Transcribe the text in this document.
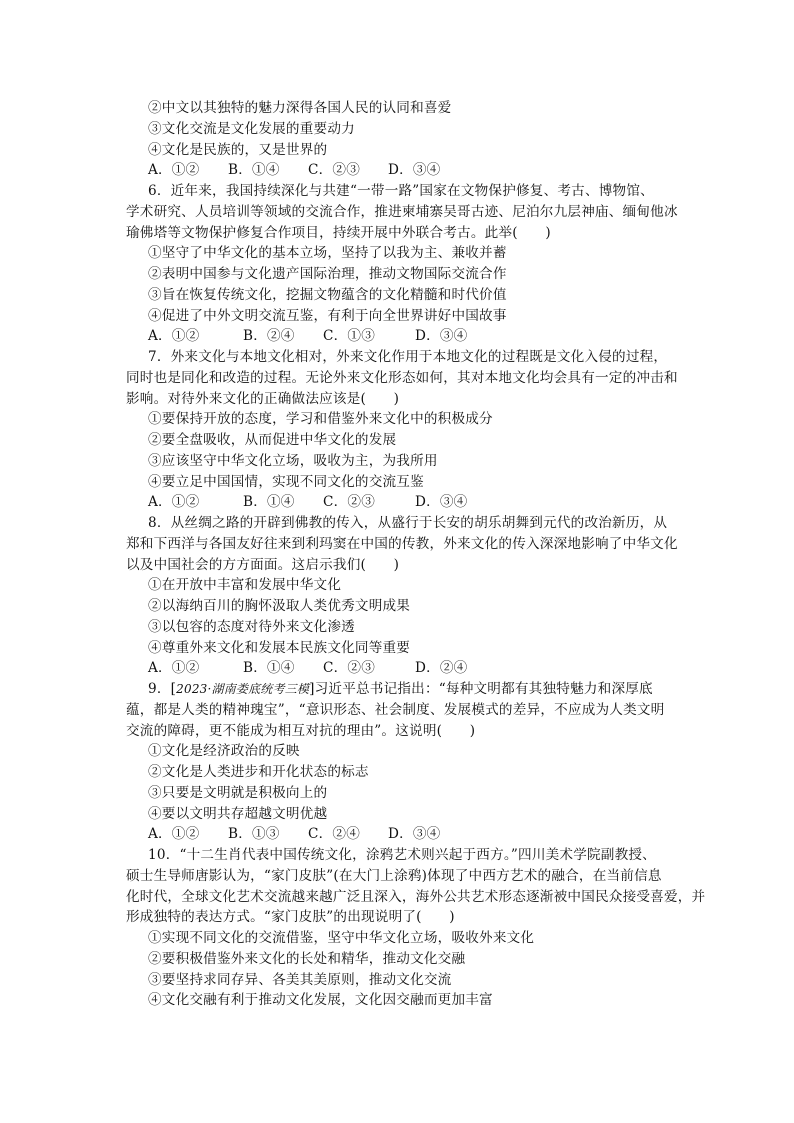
②中文以其独特的魅力深得各国人民的认同和喜爱
③文化交流是文化发展的重要动力
④文化是民族的，又是世界的
A．①② B．①④ C．②③ D．③④
6．近年来，我国持续深化与共建“一带一路”国家在文物保护修复、考古、博物馆、
学术研究、人员培训等领域的交流合作，推进柬埔寨吴哥古迹、尼泊尔九层神庙、缅甸他冰
瑜佛塔等文物保护修复合作项目，持续开展中外联合考古。此举(　　)
①坚守了中华文化的基本立场，坚持了以我为主、兼收并蓄
②表明中国参与文化遗产国际治理，推动文物国际交流合作
③旨在恢复传统文化，挖掘文物蕴含的文化精髓和时代价值
④促进了中外文明交流互鉴，有利于向全世界讲好中国故事
A．①②	B．②④ C．①③	D．③④
7．外来文化与本地文化相对，外来文化作用于本地文化的过程既是文化入侵的过程，
同时也是同化和改造的过程。无论外来文化形态如何，其对本地文化均会具有一定的冲击和
影响。对待外来文化的正确做法应该是(　　)
①要保持开放的态度，学习和借鉴外来文化中的积极成分
②要全盘吸收，从而促进中华文化的发展
③应该坚守中华文化立场，吸收为主，为我所用
④要立足中国国情，实现不同文化的交流互鉴
A．①②	B．①④ C．②③	D．③④
8．从丝绸之路的开辟到佛教的传入，从盛行于长安的胡乐胡舞到元代的改治新历，从
郑和下西洋与各国友好往来到利玛窦在中国的传教，外来文化的传入深深地影响了中华文化
以及中国社会的方方面面。这启示我们(　　)
①在开放中丰富和发展中华文化
②以海纳百川的胸怀汲取人类优秀文明成果
③以包容的态度对待外来文化渗透
④尊重外来文化和发展本民族文化同等重要
A．①②	B．①④ C．②③	D．②④
9．[2023·湖南娄底统考三模]习近平总书记指出：“每种文明都有其独特魅力和深厚底
蕴，都是人类的精神瑰宝”，“意识形态、社会制度、发展模式的差异，不应成为人类文明
交流的障碍，更不能成为相互对抗的理由”。这说明(　　)
①文化是经济政治的反映
②文化是人类进步和开化状态的标志
③只要是文明就是积极向上的
④要以文明共存超越文明优越
A．①② B．①③ C．②④ D．③④
10．“十二生肖代表中国传统文化，涂鸦艺术则兴起于西方。”四川美术学院副教授、
硕士生导师唐影认为，“家门皮肤”(在大门上涂鸦)体现了中西方艺术的融合，在当前信息
化时代，全球文化艺术交流越来越广泛且深入，海外公共艺术形态逐渐被中国民众接受喜爱，并
形成独特的表达方式。“家门皮肤”的出现说明了(　　)
①实现不同文化的交流借鉴，坚守中华文化立场，吸收外来文化
②要积极借鉴外来文化的长处和精华，推动文化交融
③要坚持求同存异、各美其美原则，推动文化交流
④文化交融有利于推动文化发展，文化因交融而更加丰富
